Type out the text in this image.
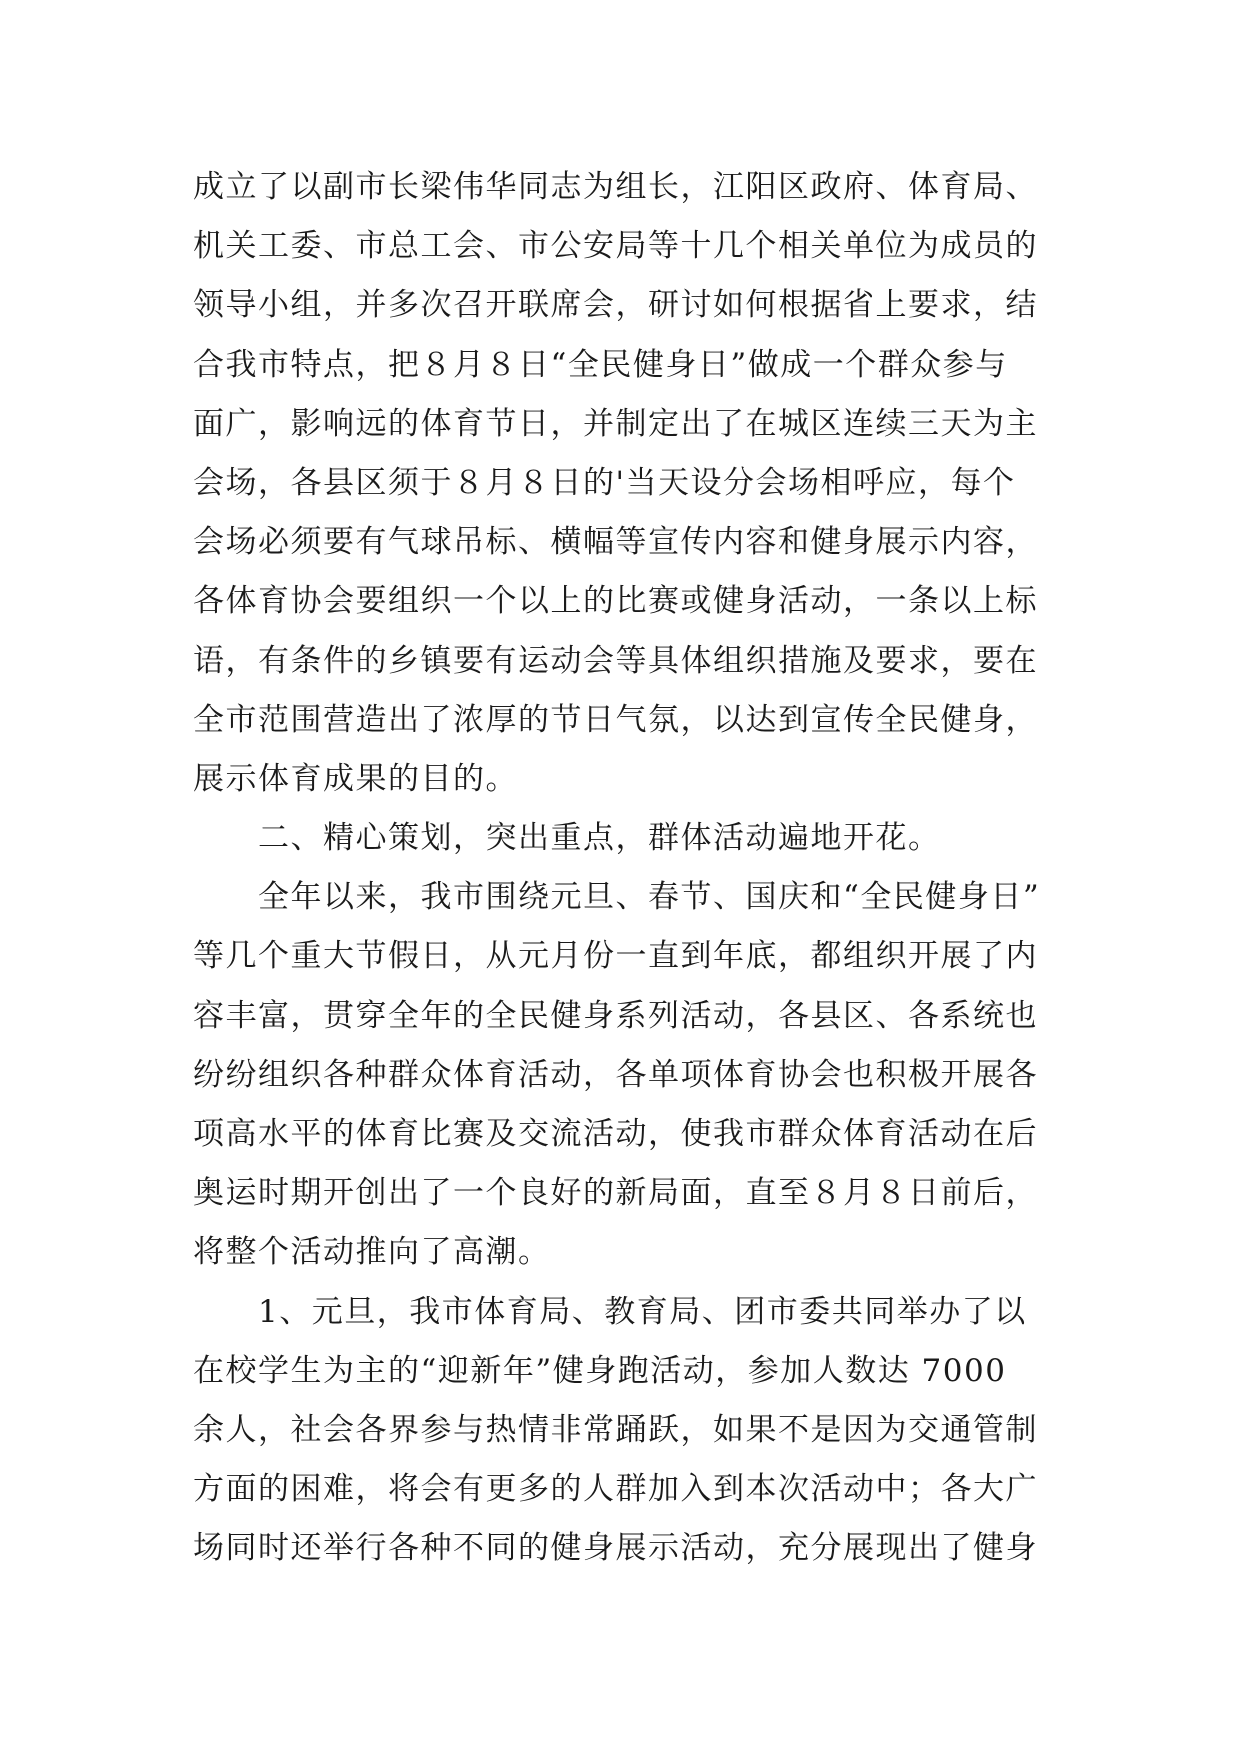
成立了以副市长梁伟华同志为组长，江阳区政府、体育局、
机关工委、市总工会、市公安局等十几个相关单位为成员的
领导小组，并多次召开联席会，研讨如何根据省上要求，结
合我市特点，把８月８日“全民健身日”做成一个群众参与
面广，影响远的体育节日，并制定出了在城区连续三天为主
会场，各县区须于８月８日的'当天设分会场相呼应，每个
会场必须要有气球吊标、横幅等宣传内容和健身展示内容，
各体育协会要组织一个以上的比赛或健身活动，一条以上标
语，有条件的乡镇要有运动会等具体组织措施及要求，要在
全市范围营造出了浓厚的节日气氛，以达到宣传全民健身，
展示体育成果的目的。
　　二、精心策划，突出重点，群体活动遍地开花。
　　全年以来，我市围绕元旦、春节、国庆和“全民健身日”
等几个重大节假日，从元月份一直到年底，都组织开展了内
容丰富，贯穿全年的全民健身系列活动，各县区、各系统也
纷纷组织各种群众体育活动，各单项体育协会也积极开展各
项高水平的体育比赛及交流活动，使我市群众体育活动在后
奥运时期开创出了一个良好的新局面，直至８月８日前后，
将整个活动推向了高潮。
　　1、元旦，我市体育局、教育局、团市委共同举办了以
在校学生为主的“迎新年”健身跑活动，参加人数达 7000
余人，社会各界参与热情非常踊跃，如果不是因为交通管制
方面的困难，将会有更多的人群加入到本次活动中；各大广
场同时还举行各种不同的健身展示活动，充分展现出了健身
